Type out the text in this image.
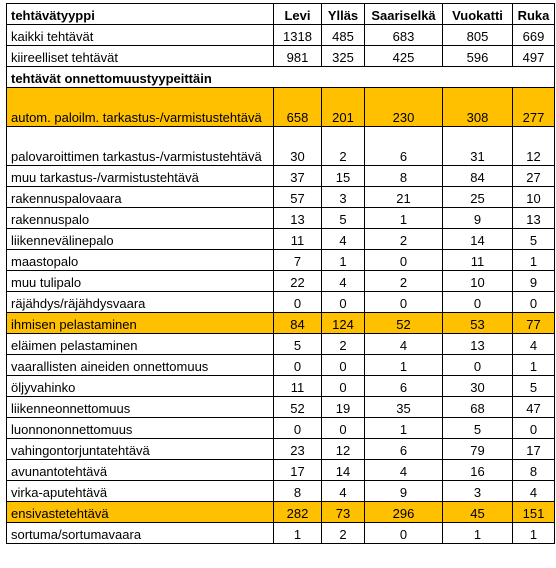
tehtävätyyppi	Levi	Ylläs	Saariselkä	Vuokatti	Ruka
kaikki tehtävät	1318	485	683	805	669
kiireelliset tehtävät	981	325	425	596	497
tehtävät onnettomuustyypeittäin					
autom. paloilm. tarkastus-/varmistustehtävä	658	201	230	308	277
palovaroittimen tarkastus-/varmistustehtävä	30	2	6	31	12
muu tarkastus-/varmistustehtävä	37	15	8	84	27
rakennuspalovaara	57	3	21	25	10
rakennuspalo	13	5	1	9	13
liikennevälinepalo	11	4	2	14	5
maastopalo	7	1	0	11	1
muu tulipalo	22	4	2	10	9
räjähdys/räjähdysvaara	0	0	0	0	0
ihmisen pelastaminen	84	124	52	53	77
eläimen pelastaminen	5	2	4	13	4
vaarallisten aineiden onnettomuus	0	0	1	0	1
öljyvahinko	11	0	6	30	5
liikenneonnettomuus	52	19	35	68	47
luonnononnettomuus	0	0	1	5	0
vahingontorjuntatehtävä	23	12	6	79	17
avunantotehtävä	17	14	4	16	8
virka-aputehtävä	8	4	9	3	4
ensivastetehtävä	282	73	296	45	151
sortuma/sortumavaara	1	2	0	1	1
